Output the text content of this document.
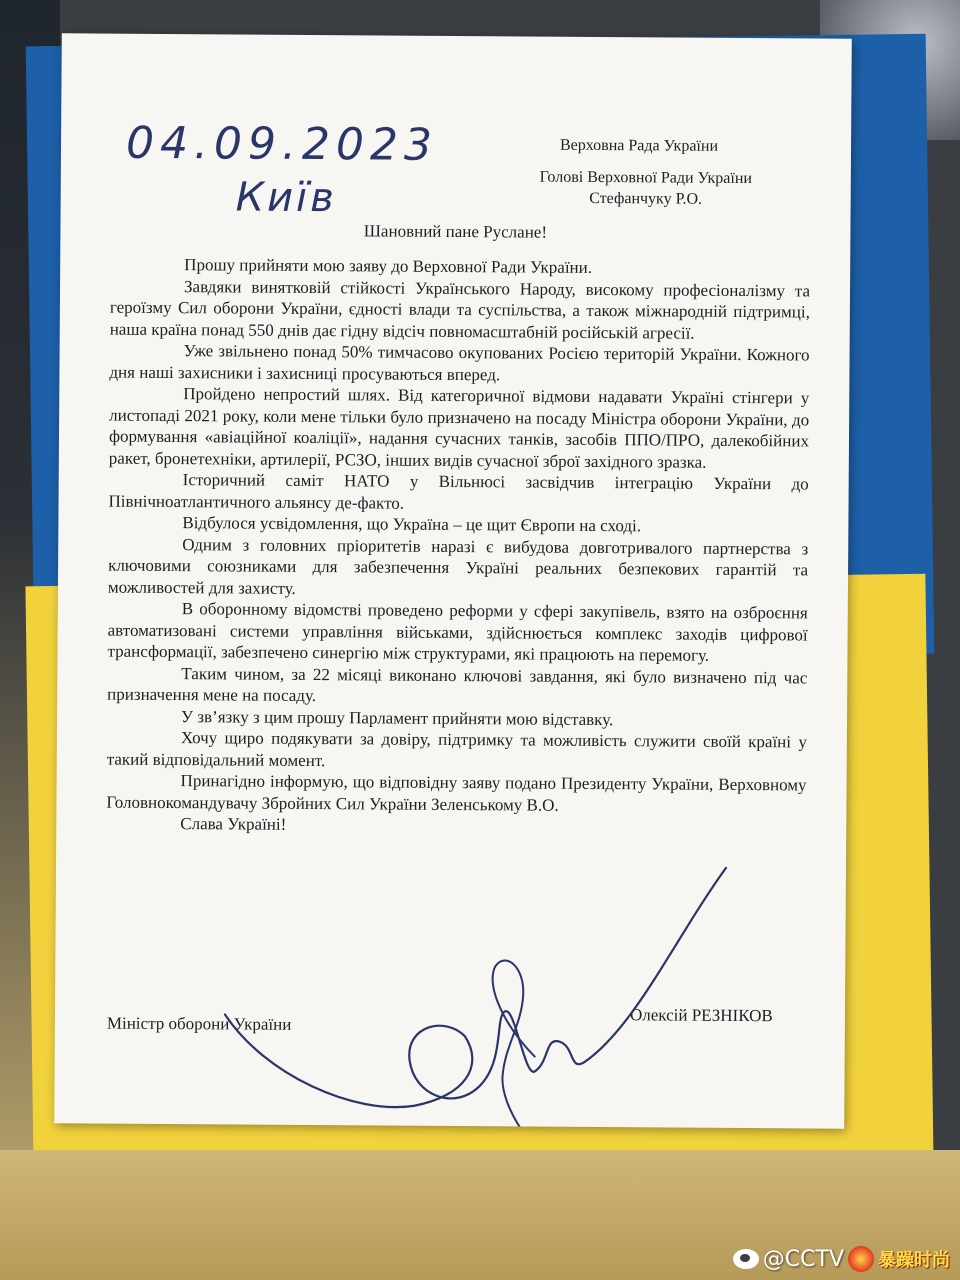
04.09.2023
Київ
Верховна Рада України
Голові Верховної Ради України
Стефанчуку Р.О.
Шановний пане Руслане!

Прошу прийняти мою заяву до Верховної Ради України.

Завдяки винятковій стійкості Українського Народу, високому професіоналізму та героїзму Сил оборони України, єдності влади та суспільства, а також міжнародній підтримці, наша країна понад 550 днів дає гідну відсіч повномасштабній російській агресії.

Уже звільнено понад 50% тимчасово окупованих Росією територій України. Кожного дня наші захисники і захисниці просуваються вперед.

Пройдено непростий шлях. Від категоричної відмови надавати Україні стінгери у листопаді 2021 року, коли мене тільки було призначено на посаду Міністра оборони України, до формування «авіаційної коаліції», надання сучасних танків, засобів ППО/ПРО, далекобійних ракет, бронетехніки, артилерії, РСЗО, інших видів сучасної зброї західного зразка.

Історичний саміт НАТО у Вільнюсі засвідчив інтеграцію України до Північноатлантичного альянсу де-факто.

Відбулося усвідомлення, що Україна – це щит Європи на сході.

Одним з головних пріоритетів наразі є вибудова довготривалого партнерства з ключовими союзниками для забезпечення Україні реальних безпекових гарантій та можливостей для захисту.

В оборонному відомстві проведено реформи у сфері закупівель, взято на озброєння автоматизовані системи управління військами, здійснюється комплекс заходів цифрової трансформації, забезпечено синергію між структурами, які працюють на перемогу.

Таким чином, за 22 місяці виконано ключові завдання, які було визначено під час призначення мене на посаду.

У зв’язку з цим прошу Парламент прийняти мою відставку.

Хочу щиро подякувати за довіру, підтримку та можливість служити своїй країні у такий відповідальний момент.

Принагідно інформую, що відповідну заяву подано Президенту України, Верховному Головнокомандувачу Збройних Сил України Зеленському В.О.

Слава Україні!

Міністр оборони України	Олексій РЕЗНІКОВ
@CCTV 暴躁时尚
